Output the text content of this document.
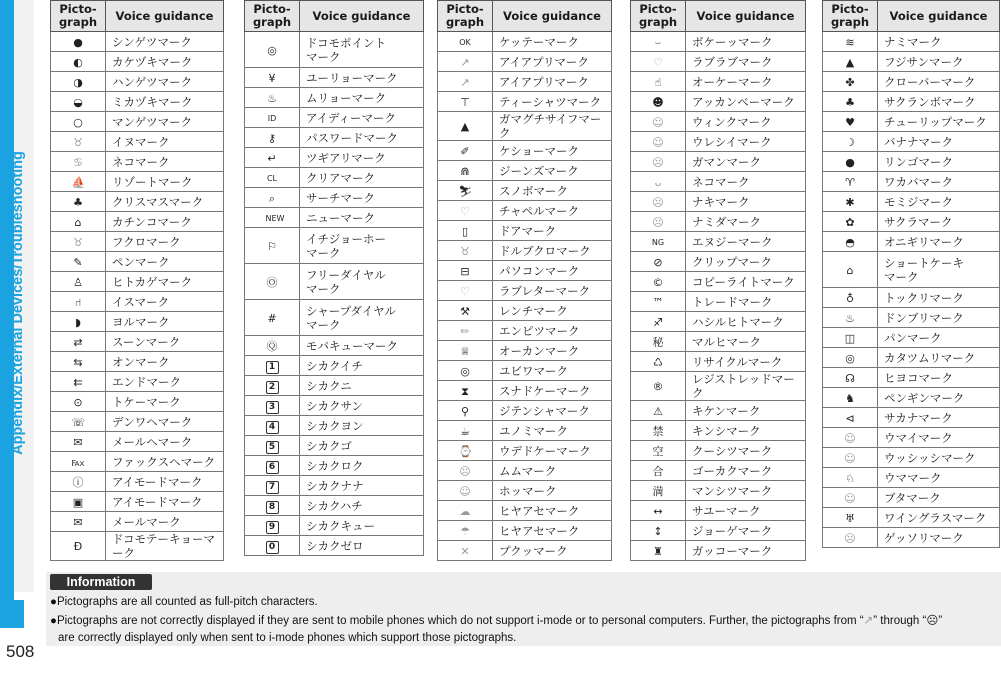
Appendix/External Devices/Troubleshooting
508
Picto-
graph	Voice guidance
●	シンゲツマーク
◐	カケヅキマーク
◑	ハンゲツマーク
◒	ミカヅキマーク
○	マンゲツマーク
♉	イヌマーク
♋	ネコマーク
⛵	リゾートマーク
♣	クリスマスマーク
⌂	カチンコマーク
♉	フクロマーク
✎	ペンマーク
♙	ヒトカゲマーク
⑁	イスマーク
◗	ヨルマーク
⇄	スーンマーク
⇆	オンマーク
⇇	エンドマーク
⊙	トケーマーク
☏	デンワヘマーク
✉	メールヘマーク
℻	ファックスヘマーク
ⓘ	アイモードマーク
▣	アイモードマーク
✉	メールマーク
Ð	ドコモテーキョーマーク
Picto-
graph	Voice guidance
◎	ドコモポイント
マーク
¥	ユーリョーマーク
♨	ムリョーマーク
ID	アイディーマーク
⚷	パスワードマーク
↵	ツギアリマーク
CL	クリアマーク
⌕	サーチマーク
NEW	ニューマーク
⚐	イチジョーホー
マーク
Ⓞ	フリーダイヤル
マーク
#	シャープダイヤル
マーク
Ⓠ	モバキューマーク
1	シカクイチ
2	シカクニ
3	シカクサン
4	シカクヨン
5	シカクゴ
6	シカクロク
7	シカクナナ
8	シカクハチ
9	シカクキュー
0	シカクゼロ
Picto-
graph	Voice guidance
OK	ケッテーマーク
↗	アイアプリマーク
↗	アイアプリマーク
⊤	ティーシャツマーク
▲	ガマグチサイフマーク
✐	ケショーマーク
⋒	ジーンズマーク
⛷	スノボマーク
♡	チャペルマーク
▯	ドアマーク
♉	ドルブクロマーク
⊟	パソコンマーク
♡	ラブレターマーク
⚒	レンチマーク
✏	エンピツマーク
♕	オーカンマーク
◎	ユビワマーク
⧗	スナドケーマーク
⚲	ジテンシャマーク
☕	ユノミマーク
⌚	ウデドケーマーク
☹	ムムマーク
☺	ホッマーク
☁	ヒヤアセマーク
☂	ヒヤアセマーク
✕	プクッマーク
Picto-
graph	Voice guidance
⌣	ボケーッマーク
♡	ラブラブマーク
☝	オーケーマーク
☻	アッカンベーマーク
☺	ウィンクマーク
☺	ウレシイマーク
☹	ガマンマーク
ᴗ	ネコマーク
☹	ナキマーク
☹	ナミダマーク
NG	エヌジーマーク
⊘	クリップマーク
©	コピーライトマーク
™	トレードマーク
♐	ハシルヒトマーク
秘	マルヒマーク
♺	リサイクルマーク
®	レジストレッドマーク
⚠	キケンマーク
禁	キンシマーク
空	クーシツマーク
合	ゴーカクマーク
満	マンシツマーク
↔	サユーマーク
↕	ジョーゲマーク
♜	ガッコーマーク
Picto-
graph	Voice guidance
≋	ナミマーク
▲	フジサンマーク
✤	クローバーマーク
♣	サクランボマーク
♥	チューリップマーク
☽	バナナマーク
●	リンゴマーク
♈	ワカバマーク
✱	モミジマーク
✿	サクラマーク
◓	オニギリマーク
⌂	ショートケーキ
マーク
♁	トックリマーク
♨	ドンブリマーク
◫	パンマーク
◎	カタツムリマーク
☊	ヒヨコマーク
♞	ペンギンマーク
⊲	サカナマーク
☺	ウマイマーク
☺	ウッシッシマーク
♘	ウママーク
☺	ブタマーク
♅	ワイングラスマーク
☹	ゲッソリマーク
Information
●Pictographs are all counted as full-pitch characters.
●Pictographs are not correctly displayed if they are sent to mobile phones which do not support i-mode or to personal computers. Further, the pictographs from “↗” through “☹”
are correctly displayed only when sent to i-mode phones which support those pictographs.
